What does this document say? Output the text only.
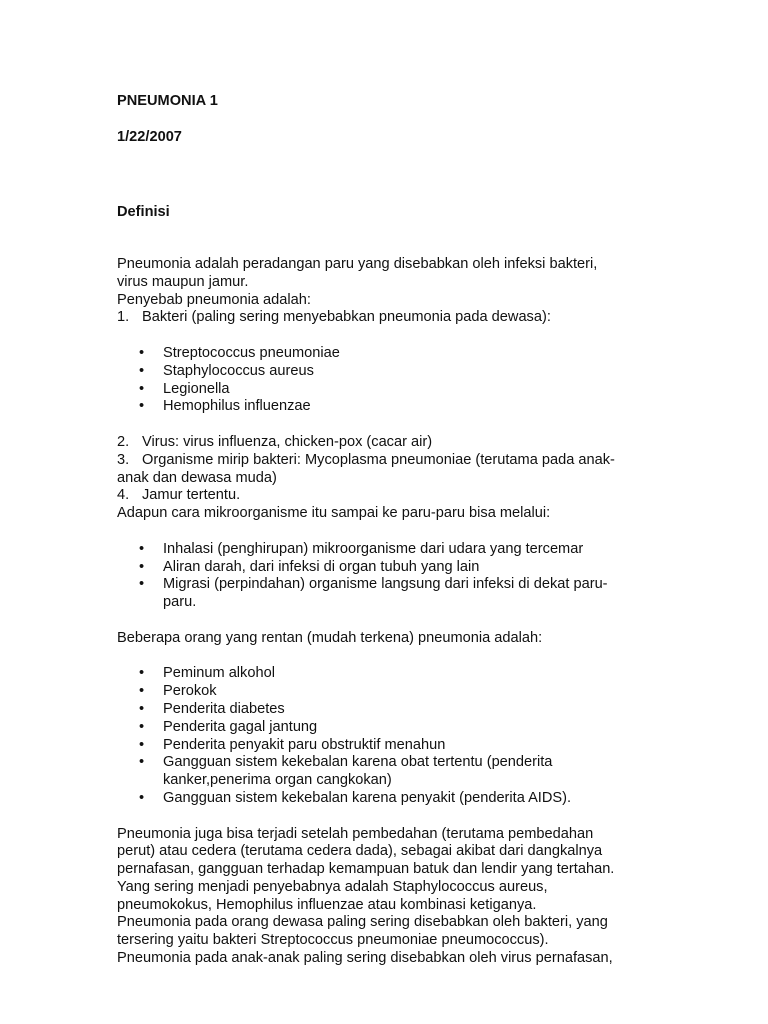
PNEUMONIA 1
1/22/2007
Definisi
Pneumonia adalah peradangan paru yang disebabkan oleh infeksi bakteri,
virus maupun jamur.
Penyebab pneumonia adalah:
1. Bakteri (paling sering menyebabkan pneumonia pada dewasa):
• Streptococcus pneumoniae
• Staphylococcus aureus
• Legionella
• Hemophilus influenzae
2. Virus: virus influenza, chicken-pox (cacar air)
3. Organisme mirip bakteri: Mycoplasma pneumoniae (terutama pada anak-
anak dan dewasa muda)
4. Jamur tertentu.
Adapun cara mikroorganisme itu sampai ke paru-paru bisa melalui:
• Inhalasi (penghirupan) mikroorganisme dari udara yang tercemar
• Aliran darah, dari infeksi di organ tubuh yang lain
• Migrasi (perpindahan) organisme langsung dari infeksi di dekat paru-
paru.
Beberapa orang yang rentan (mudah terkena) pneumonia adalah:
• Peminum alkohol
• Perokok
• Penderita diabetes
• Penderita gagal jantung
• Penderita penyakit paru obstruktif menahun
• Gangguan sistem kekebalan karena obat tertentu (penderita
kanker,penerima organ cangkokan)
• Gangguan sistem kekebalan karena penyakit (penderita AIDS).
Pneumonia juga bisa terjadi setelah pembedahan (terutama pembedahan
perut) atau cedera (terutama cedera dada), sebagai akibat dari dangkalnya
pernafasan, gangguan terhadap kemampuan batuk dan lendir yang tertahan.
Yang sering menjadi penyebabnya adalah Staphylococcus aureus,
pneumokokus, Hemophilus influenzae atau kombinasi ketiganya.
Pneumonia pada orang dewasa paling sering disebabkan oleh bakteri, yang
tersering yaitu bakteri Streptococcus pneumoniae pneumococcus).
Pneumonia pada anak-anak paling sering disebabkan oleh virus pernafasan,
